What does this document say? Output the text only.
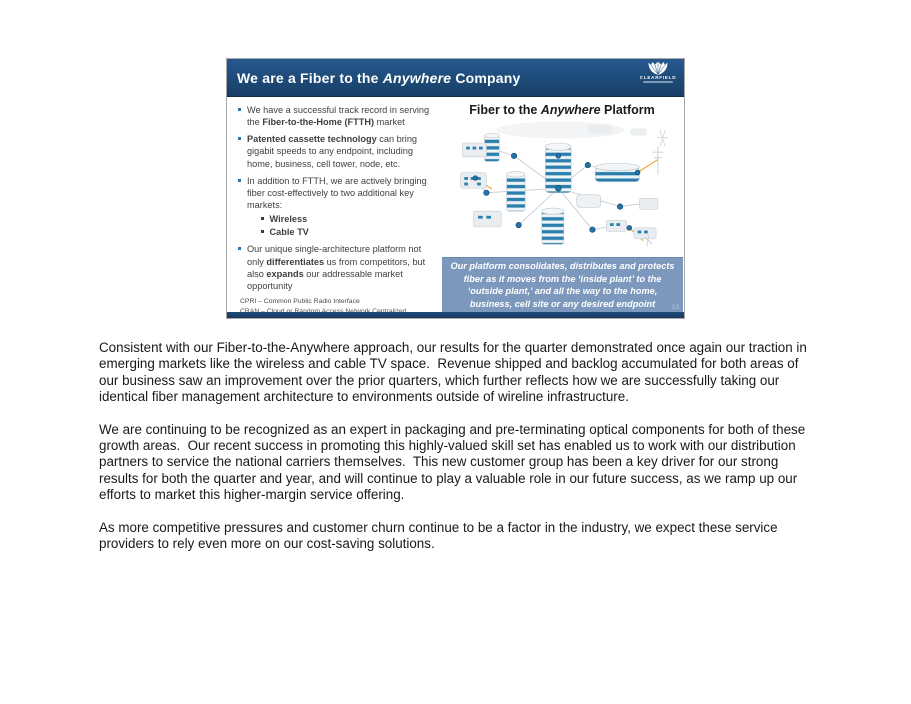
We are a Fiber to the Anywhere Company	CLEARFIELD
We have a successful track record in serving the Fiber-to-the-Home (FTTH) market
Patented cassette technology can bring gigabit speeds to any endpoint, including home, business, cell tower, node, etc.
In addition to FTTH, we are actively bringing fiber cost-effectively to two additional key markets:
Wireless
Cable TV
Our unique single-architecture platform not only differentiates us from competitors, but also expands our addressable market opportunity
CPRI – Common Public Radio Interface
Fiber to the Anywhere Platform
Our platform consolidates, distributes and protects fiber as it moves from the ‘inside plant’ to the ‘outside plant,’ and all the way to the home, business, cell site or any desired endpoint	13

Consistent with our Fiber-to-the-Anywhere approach, our results for the quarter demonstrated once again our traction in emerging markets like the wireless and cable TV space.  Revenue shipped and backlog accumulated for both areas of our business saw an improvement over the prior quarters, which further reflects how we are successfully taking our identical fiber management architecture to environments outside of wireline infrastructure.

We are continuing to be recognized as an expert in packaging and pre-terminating optical components for both of these growth areas.  Our recent success in promoting this highly-valued skill set has enabled us to work with our distribution partners to service the national carriers themselves.  This new customer group has been a key driver for our strong results for both the quarter and year, and will continue to play a valuable role in our future success, as we ramp up our efforts to market this higher-margin service offering.

As more competitive pressures and customer churn continue to be a factor in the industry, we expect these service providers to rely even more on our cost-saving solutions.
